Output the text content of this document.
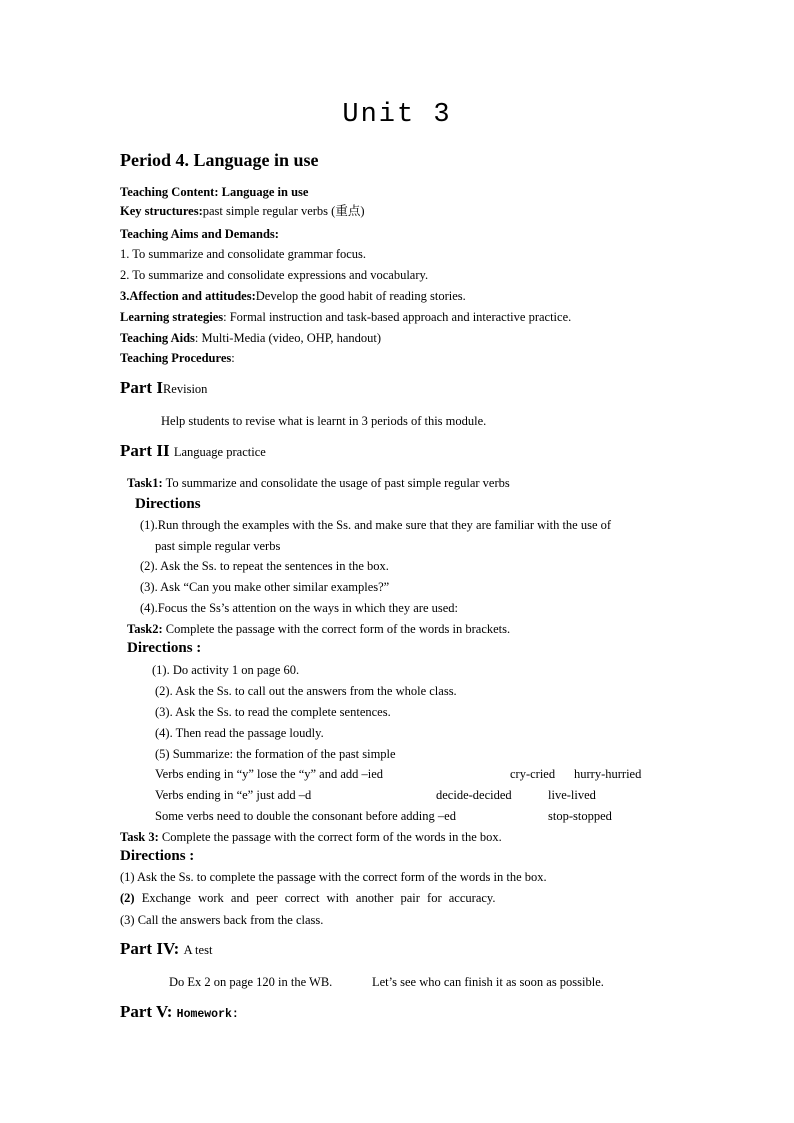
Unit 3
Period 4. Language in use
Teaching Content: Language in use
Key structures:past simple regular verbs (重点)
Teaching Aims and Demands:
1. To summarize and consolidate grammar focus.
2. To summarize and consolidate expressions and vocabulary.
3.Affection and attitudes:Develop the good habit of reading stories.
Learning strategies: Formal instruction and task-based approach and interactive practice.
Teaching Aids: Multi-Media (video, OHP, handout)
Teaching Procedures:
Part IRevision
Help students to revise what is learnt in 3 periods of this module.
Part II Language practice
Task1: To summarize and consolidate the usage of past simple regular verbs
Directions
(1).Run through the examples with the Ss. and make sure that they are familiar with the use of
past simple regular verbs
(2). Ask the Ss. to repeat the sentences in the box.
(3). Ask “Can you make other similar examples?”
(4).Focus the Ss’s attention on the ways in which they are used:
Task2: Complete the passage with the correct form of the words in brackets.
Directions :
(1). Do activity 1 on page 60.
(2). Ask the Ss. to call out the answers from the whole class.
(3). Ask the Ss. to read the complete sentences.
(4). Then read the passage loudly.
(5) Summarize: the formation of the past simple
Verbs ending in “y” lose the “y” and add –ied	cry-cried hurry-hurried
Verbs ending in “e” just add –d	decide-decided	live-lived
Some verbs need to double the consonant before adding –ed	stop-stopped
Task 3: Complete the passage with the correct form of the words in the box.
Directions :
(1) Ask the Ss. to complete the passage with the correct form of the words in the box.
(2) Exchange work and peer correct with another pair for accuracy.
(3) Call the answers back from the class.
Part IV: A test
Do Ex 2 on page 120 in the WB.	Let’s see who can finish it as soon as possible.
Part V: Homework:
